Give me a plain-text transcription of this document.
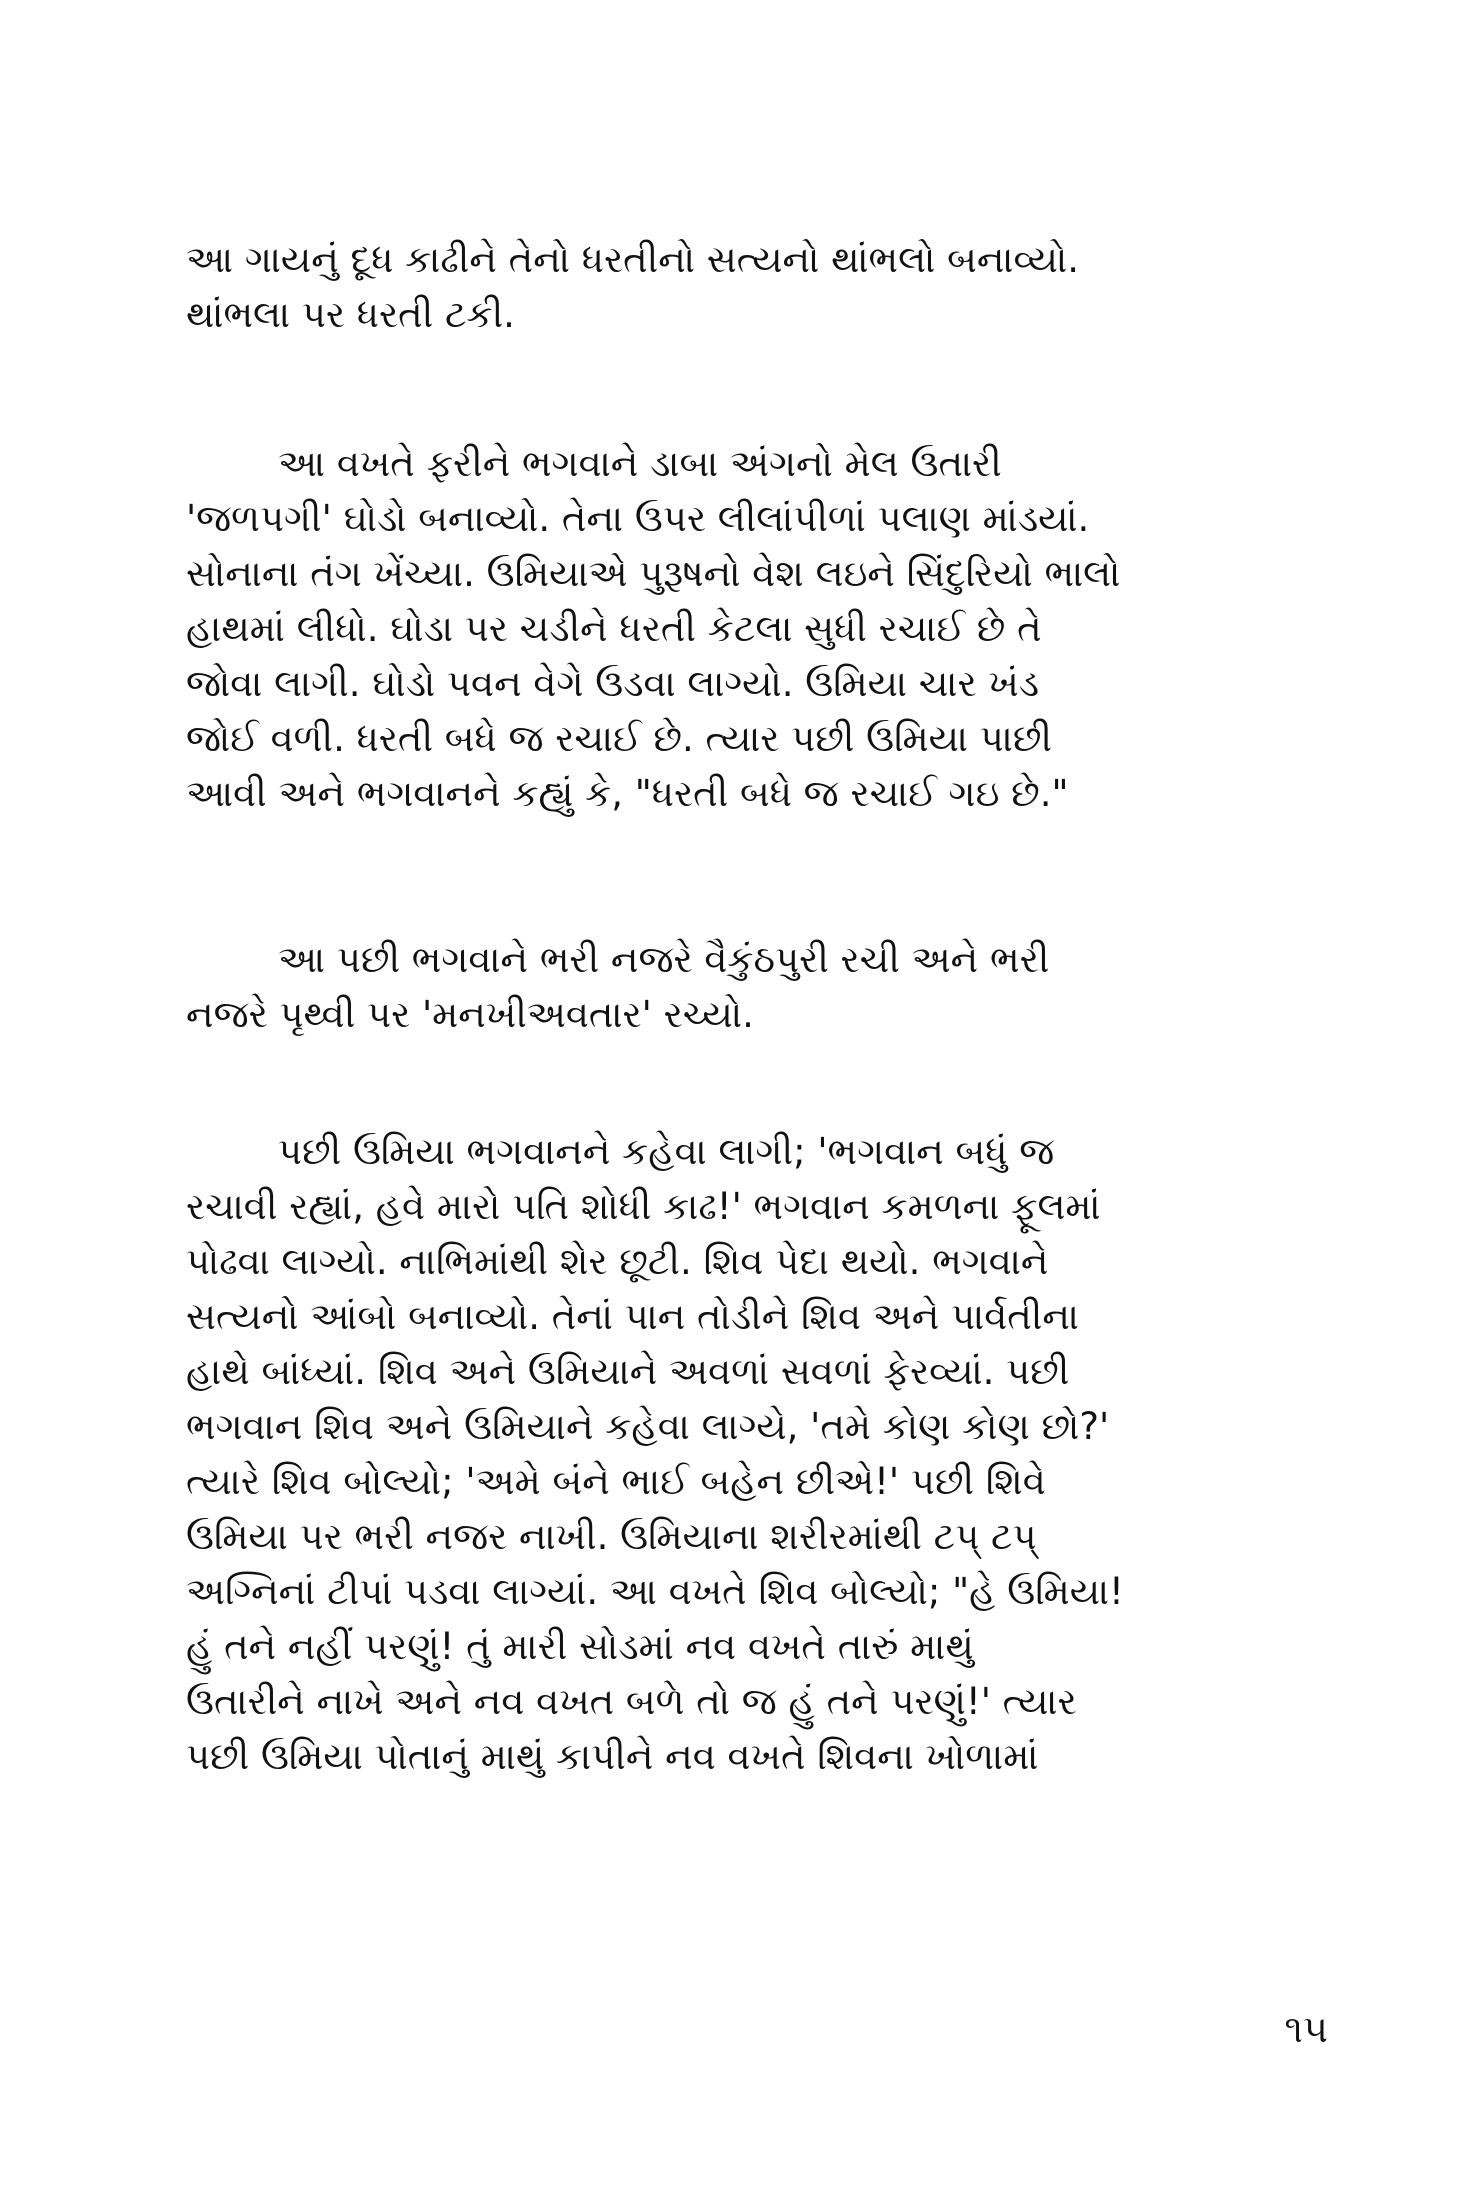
આ ગાયનું દૂધ કાઢીને તેનો ધરતીનો સત્યનો થાંભલો બનાવ્યો.
થાંભલા પર ધરતી ટકી.
આ વખતે ફરીને ભગવાને ડાબા અંગનો મેલ ઉતારી
'જળપગી' ઘોડો બનાવ્યો. તેના ઉપર લીલાંપીળાં પલાણ માંડયાં.
સોનાના તંગ ખેંચ્યા. ઉમિયાએ પુરૂષનો વેશ લઇને સિંદુરિયો ભાલો
હાથમાં લીધો. ઘોડા પર ચડીને ધરતી કેટલા સુધી રચાઈ છે તે
જોવા લાગી. ઘોડો પવન વેગે ઉડવા લાગ્યો. ઉમિયા ચાર ખંડ
જોઈ વળી. ધરતી બધે જ રચાઈ છે. ત્યાર પછી ઉમિયા પાછી
આવી અને ભગવાનને કહ્યું કે, "ધરતી બધે જ રચાઈ ગઇ છે."
આ પછી ભગવાને ભરી નજરે વૈકુંઠપુરી રચી અને ભરી
નજરે પૃથ્વી પર 'મનખીઅવતાર' રચ્યો.
પછી ઉમિયા ભગવાનને કહેવા લાગી; 'ભગવાન બધું જ
રચાવી રહ્યાં, હવે મારો પતિ શોધી કાઢ!' ભગવાન કમળના ફૂલમાં
પોઢવા લાગ્યો. નાભિમાંથી શેર છૂટી. શિવ પેદા થયો. ભગવાને
સત્યનો આંબો બનાવ્યો. તેનાં પાન તોડીને શિવ અને પાર્વતીના
હાથે બાંધ્યાં. શિવ અને ઉમિયાને અવળાં સવળાં ફેરવ્યાં. પછી
ભગવાન શિવ અને ઉમિયાને કહેવા લાગ્યે, 'તમે કોણ કોણ છો?'
ત્યારે શિવ બોલ્યો; 'અમે બંને ભાઈ બહેન છીએ!' પછી શિવે
ઉમિયા પર ભરી નજર નાખી. ઉમિયાના શરીરમાંથી ટપ્ ટપ્
અગ્નિનાં ટીપાં પડવા લાગ્યાં. આ વખતે શિવ બોલ્યો; "હે ઉમિયા!
હું તને નહીં પરણું! તું મારી સોડમાં નવ વખતે તારું માથું
ઉતારીને નાખે અને નવ વખત બળે તો જ હું તને પરણું!' ત્યાર
પછી ઉમિયા પોતાનું માથું કાપીને નવ વખતે શિવના ખોળામાં

૧૫
